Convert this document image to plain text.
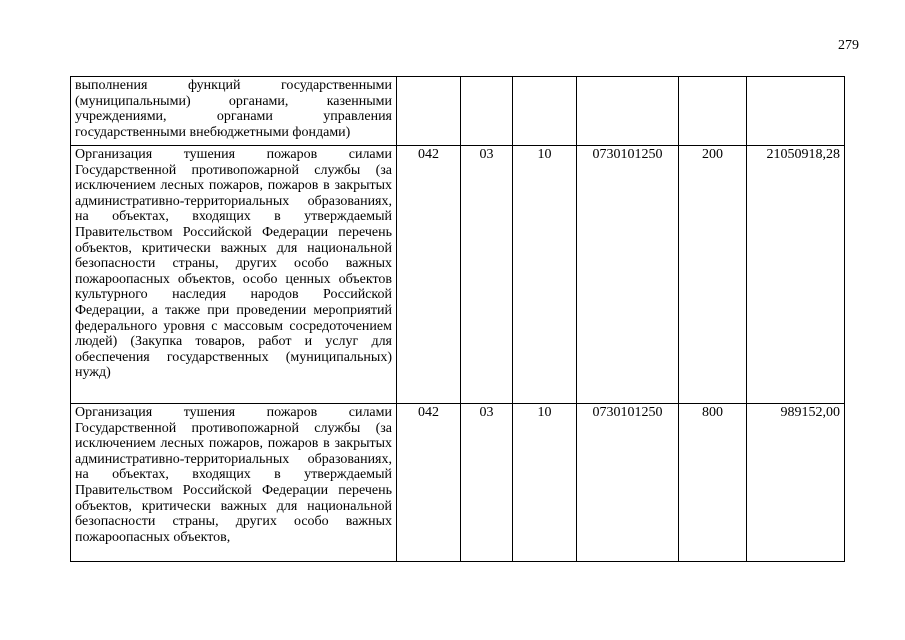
279
выполнения функций государственными (муниципальными) органами, казенными учреждениями, органами управления государственными внебюджетными фондами)						
Организация тушения пожаров силами Государственной противопожарной службы (за исключением лесных пожаров, пожаров в закрытых административно-территориальных образованиях, на объектах, входящих в утверждаемый Правительством Российской Федерации перечень объектов, критически важных для национальной безопасности страны, других особо важных пожароопасных объектов, особо ценных объектов культурного наследия народов Российской Федерации, а также при проведении мероприятий федерального уровня с массовым сосредоточением людей) (Закупка товаров, работ и услуг для обеспечения государственных (муниципальных) нужд)	042	03	10	0730101250	200	21050918,28
Организация тушения пожаров силами Государственной противопожарной службы (за исключением лесных пожаров, пожаров в закрытых административно-территориальных образованиях, на объектах, входящих в утверждаемый Правительством Российской Федерации перечень объектов, критически важных для национальной безопасности страны, других особо важных пожароопасных объектов,	042	03	10	0730101250	800	989152,00
